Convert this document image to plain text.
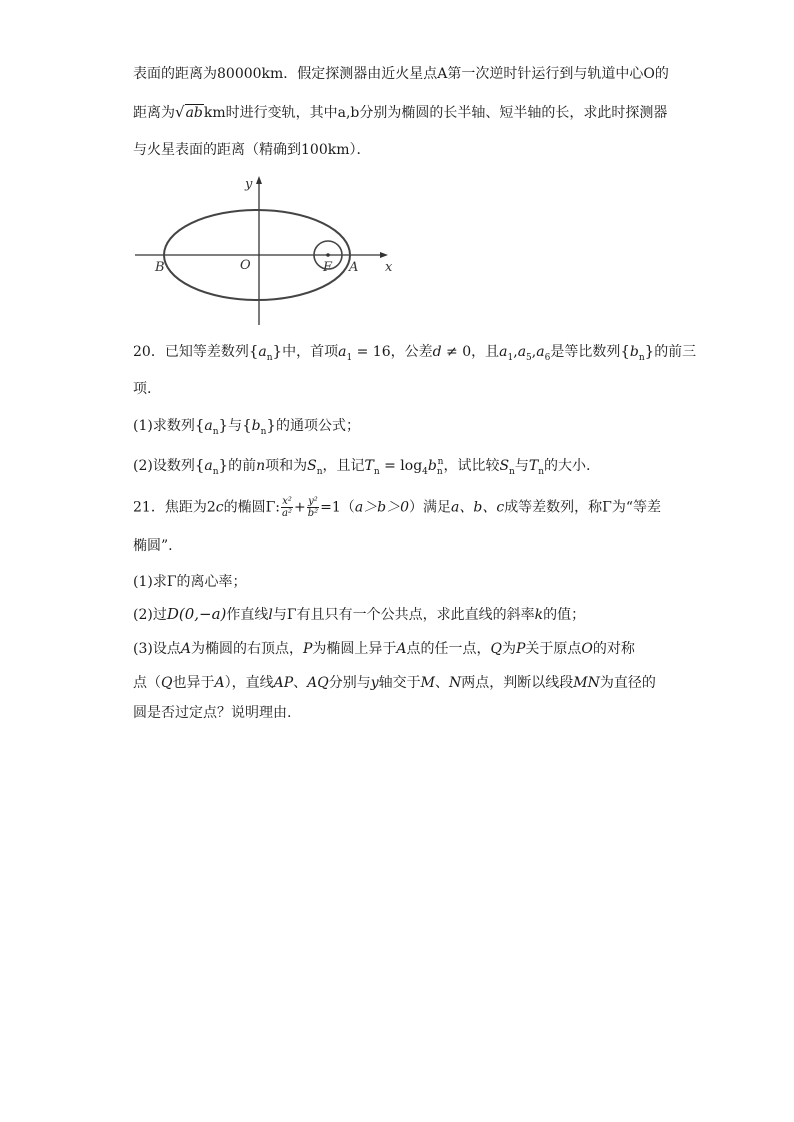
表面的距离为80000km．假定探测器由近火星点A第一次逆时针运行到与轨道中心O的
距离为√abkm时进行变轨，其中a,b分别为椭圆的长半轴、短半轴的长，求此时探测器
与火星表面的距离（精确到100km）．
x
y
B	O	F A
20．已知等差数列$\{a_n\}$中，首项$a_1 = 16$，公差d ≠ 0，且$a_1,a_5,a_6$是等比数列$\{b_n\}$的前三
项.
(1)求数列$\{a_n\}$与$\{b_n\}$的通项公式；
(2)设数列$\{a_n\}$的前n项和为$S_n$，且记$T_n = \log_4b_n^n$，试比较$S_n$与$T_n$的大小.
21．焦距为2c的椭圆Γ: $\frac{\text{x²}}{\text{a²}} + \frac{\text{y²}}{\text{b²}} =1(a>b>0)$满足a、b、c成等差数列，称Γ为“等差
椭圆”.
(1)求Γ的离心率；
(2)过D(0,−a)作直线l与Γ有且只有一个公共点，求此直线的斜率k的值；
(3)设点A为椭圆的右顶点，P为椭圆上异于A点的任一点，Q为P关于原点O的对称
点（Q也异于A），直线AP、AQ分别与y轴交于M、N两点，判断以线段MN为直径的
圆是否过定点？说明理由.
